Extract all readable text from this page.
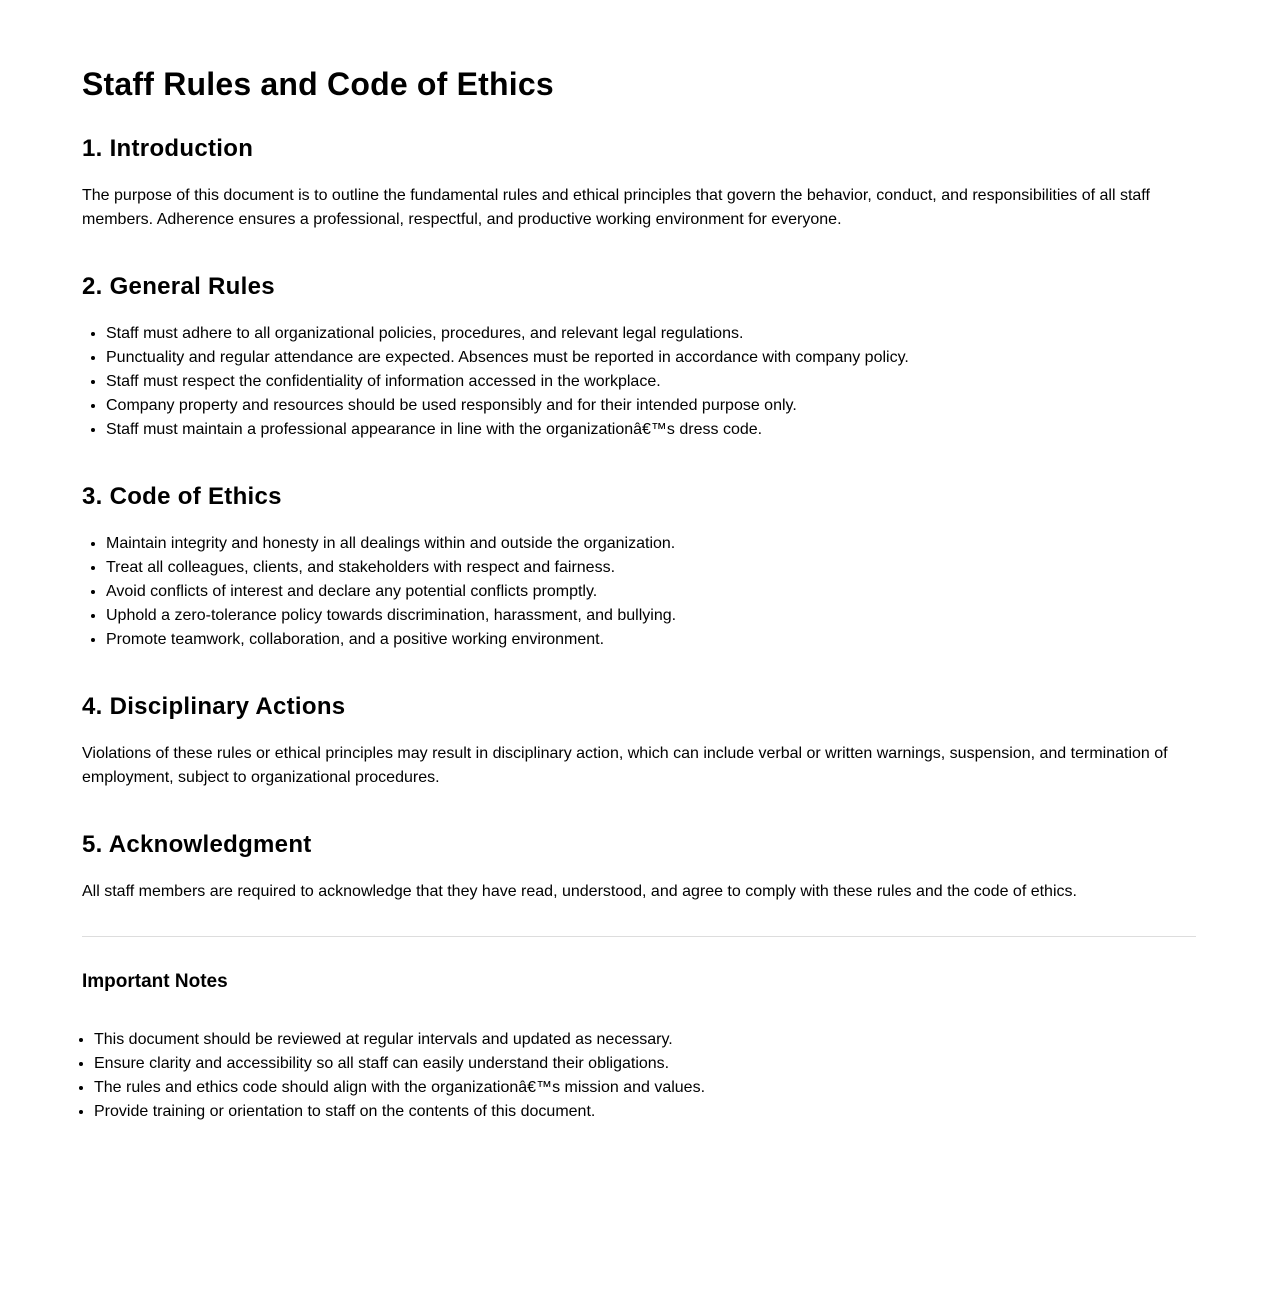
Staff Rules and Code of Ethics
1. Introduction

The purpose of this document is to outline the fundamental rules and ethical principles that govern the behavior, conduct, and responsibilities of all staff members. Adherence ensures a professional, respectful, and productive working environment for everyone.

2. General Rules
• Staff must adhere to all organizational policies, procedures, and relevant legal regulations.
• Punctuality and regular attendance are expected. Absences must be reported in accordance with company policy.
• Staff must respect the confidentiality of information accessed in the workplace.
• Company property and resources should be used responsibly and for their intended purpose only.
• Staff must maintain a professional appearance in line with the organizationâ€™s dress code.
3. Code of Ethics
• Maintain integrity and honesty in all dealings within and outside the organization.
• Treat all colleagues, clients, and stakeholders with respect and fairness.
• Avoid conflicts of interest and declare any potential conflicts promptly.
• Uphold a zero-tolerance policy towards discrimination, harassment, and bullying.
• Promote teamwork, collaboration, and a positive working environment.
4. Disciplinary Actions

Violations of these rules or ethical principles may result in disciplinary action, which can include verbal or written warnings, suspension, and termination of employment, subject to organizational procedures.

5. Acknowledgment

All staff members are required to acknowledge that they have read, understood, and agree to comply with these rules and the code of ethics.

Important Notes
• This document should be reviewed at regular intervals and updated as necessary.
• Ensure clarity and accessibility so all staff can easily understand their obligations.
• The rules and ethics code should align with the organizationâ€™s mission and values.
• Provide training or orientation to staff on the contents of this document.
